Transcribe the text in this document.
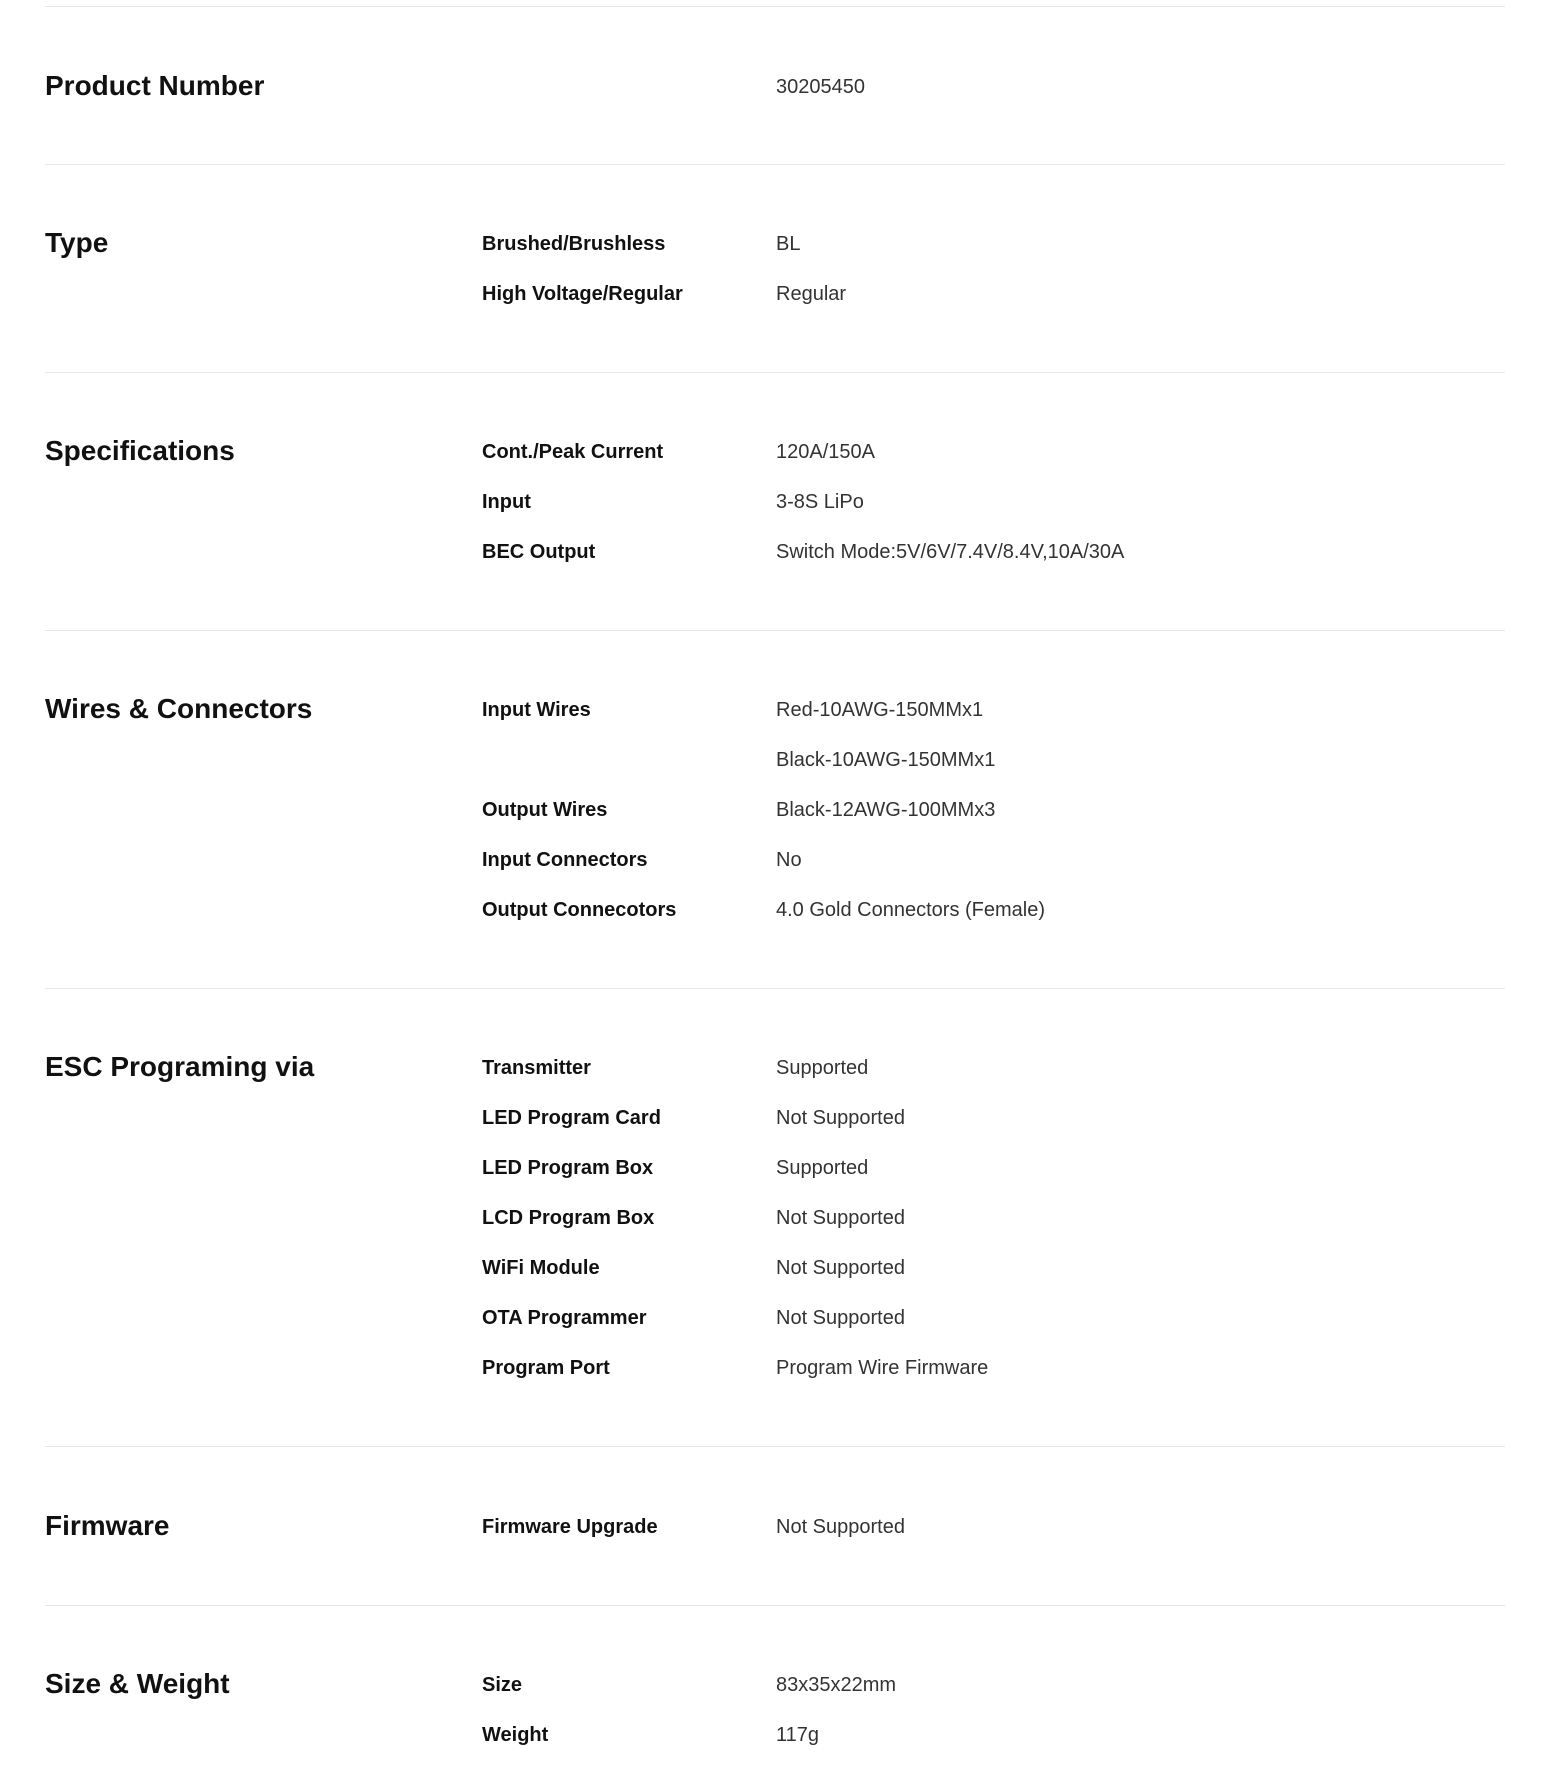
Product Number	30205450
Type	Brushed/Brushless	BL
High Voltage/Regular	Regular
Specifications	Cont./Peak Current	120A/150A
Input	3-8S LiPo
BEC Output	Switch Mode:5V/6V/7.4V/8.4V,10A/30A
Wires & Connectors	Input Wires	Red-10AWG-150MMx1
Black-10AWG-150MMx1
Output Wires	Black-12AWG-100MMx3
Input Connectors	No
Output Connecotors	4.0 Gold Connectors (Female)
ESC Programing via	Transmitter	Supported
LED Program Card	Not Supported
LED Program Box	Supported
LCD Program Box	Not Supported
WiFi Module	Not Supported
OTA Programmer	Not Supported
Program Port	Program Wire Firmware
Firmware	Firmware Upgrade	Not Supported
Size & Weight	Size	83x35x22mm
Weight	117g
